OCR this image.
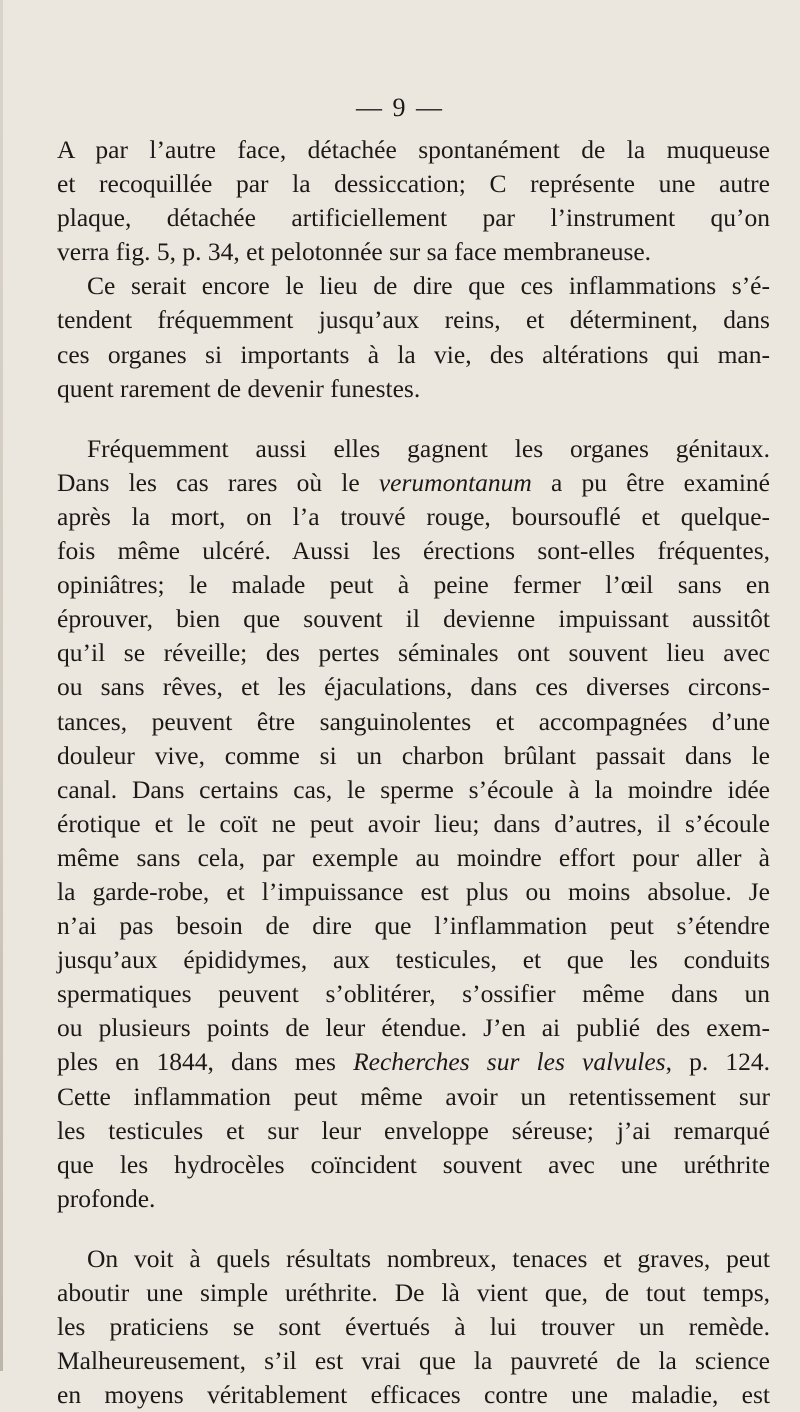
— 9 —

A par l’autre face, détachée spontanément de la muqueuse
et recoquillée par la dessiccation; C représente une autre
plaque, détachée artificiellement par l’instrument qu’on
verra fig. 5, p. 34, et pelotonnée sur sa face membraneuse.

Ce serait encore le lieu de dire que ces inflammations s’é-
tendent fréquemment jusqu’aux reins, et déterminent, dans
ces organes si importants à la vie, des altérations qui man-
quent rarement de devenir funestes.

Fréquemment aussi elles gagnent les organes génitaux.
Dans les cas rares où le verumontanum a pu être examiné
après la mort, on l’a trouvé rouge, boursouflé et quelque-
fois même ulcéré. Aussi les érections sont-elles fréquentes,
opiniâtres; le malade peut à peine fermer l’œil sans en
éprouver, bien que souvent il devienne impuissant aussitôt
qu’il se réveille; des pertes séminales ont souvent lieu avec
ou sans rêves, et les éjaculations, dans ces diverses circons-
tances, peuvent être sanguinolentes et accompagnées d’une
douleur vive, comme si un charbon brûlant passait dans le
canal. Dans certains cas, le sperme s’écoule à la moindre idée
érotique et le coït ne peut avoir lieu; dans d’autres, il s’écoule
même sans cela, par exemple au moindre effort pour aller à
la garde-robe, et l’impuissance est plus ou moins absolue. Je
n’ai pas besoin de dire que l’inflammation peut s’étendre
jusqu’aux épididymes, aux testicules, et que les conduits
spermatiques peuvent s’oblitérer, s’ossifier même dans un
ou plusieurs points de leur étendue. J’en ai publié des exem-
ples en 1844, dans mes Recherches sur les valvules, p. 124.
Cette inflammation peut même avoir un retentissement sur
les testicules et sur leur enveloppe séreuse; j’ai remarqué
que les hydrocèles coïncident souvent avec une uréthrite
profonde.

On voit à quels résultats nombreux, tenaces et graves, peut
aboutir une simple uréthrite. De là vient que, de tout temps,
les praticiens se sont évertués à lui trouver un remède.
Malheureusement, s’il est vrai que la pauvreté de la science
en moyens véritablement efficaces contre une maladie, est
